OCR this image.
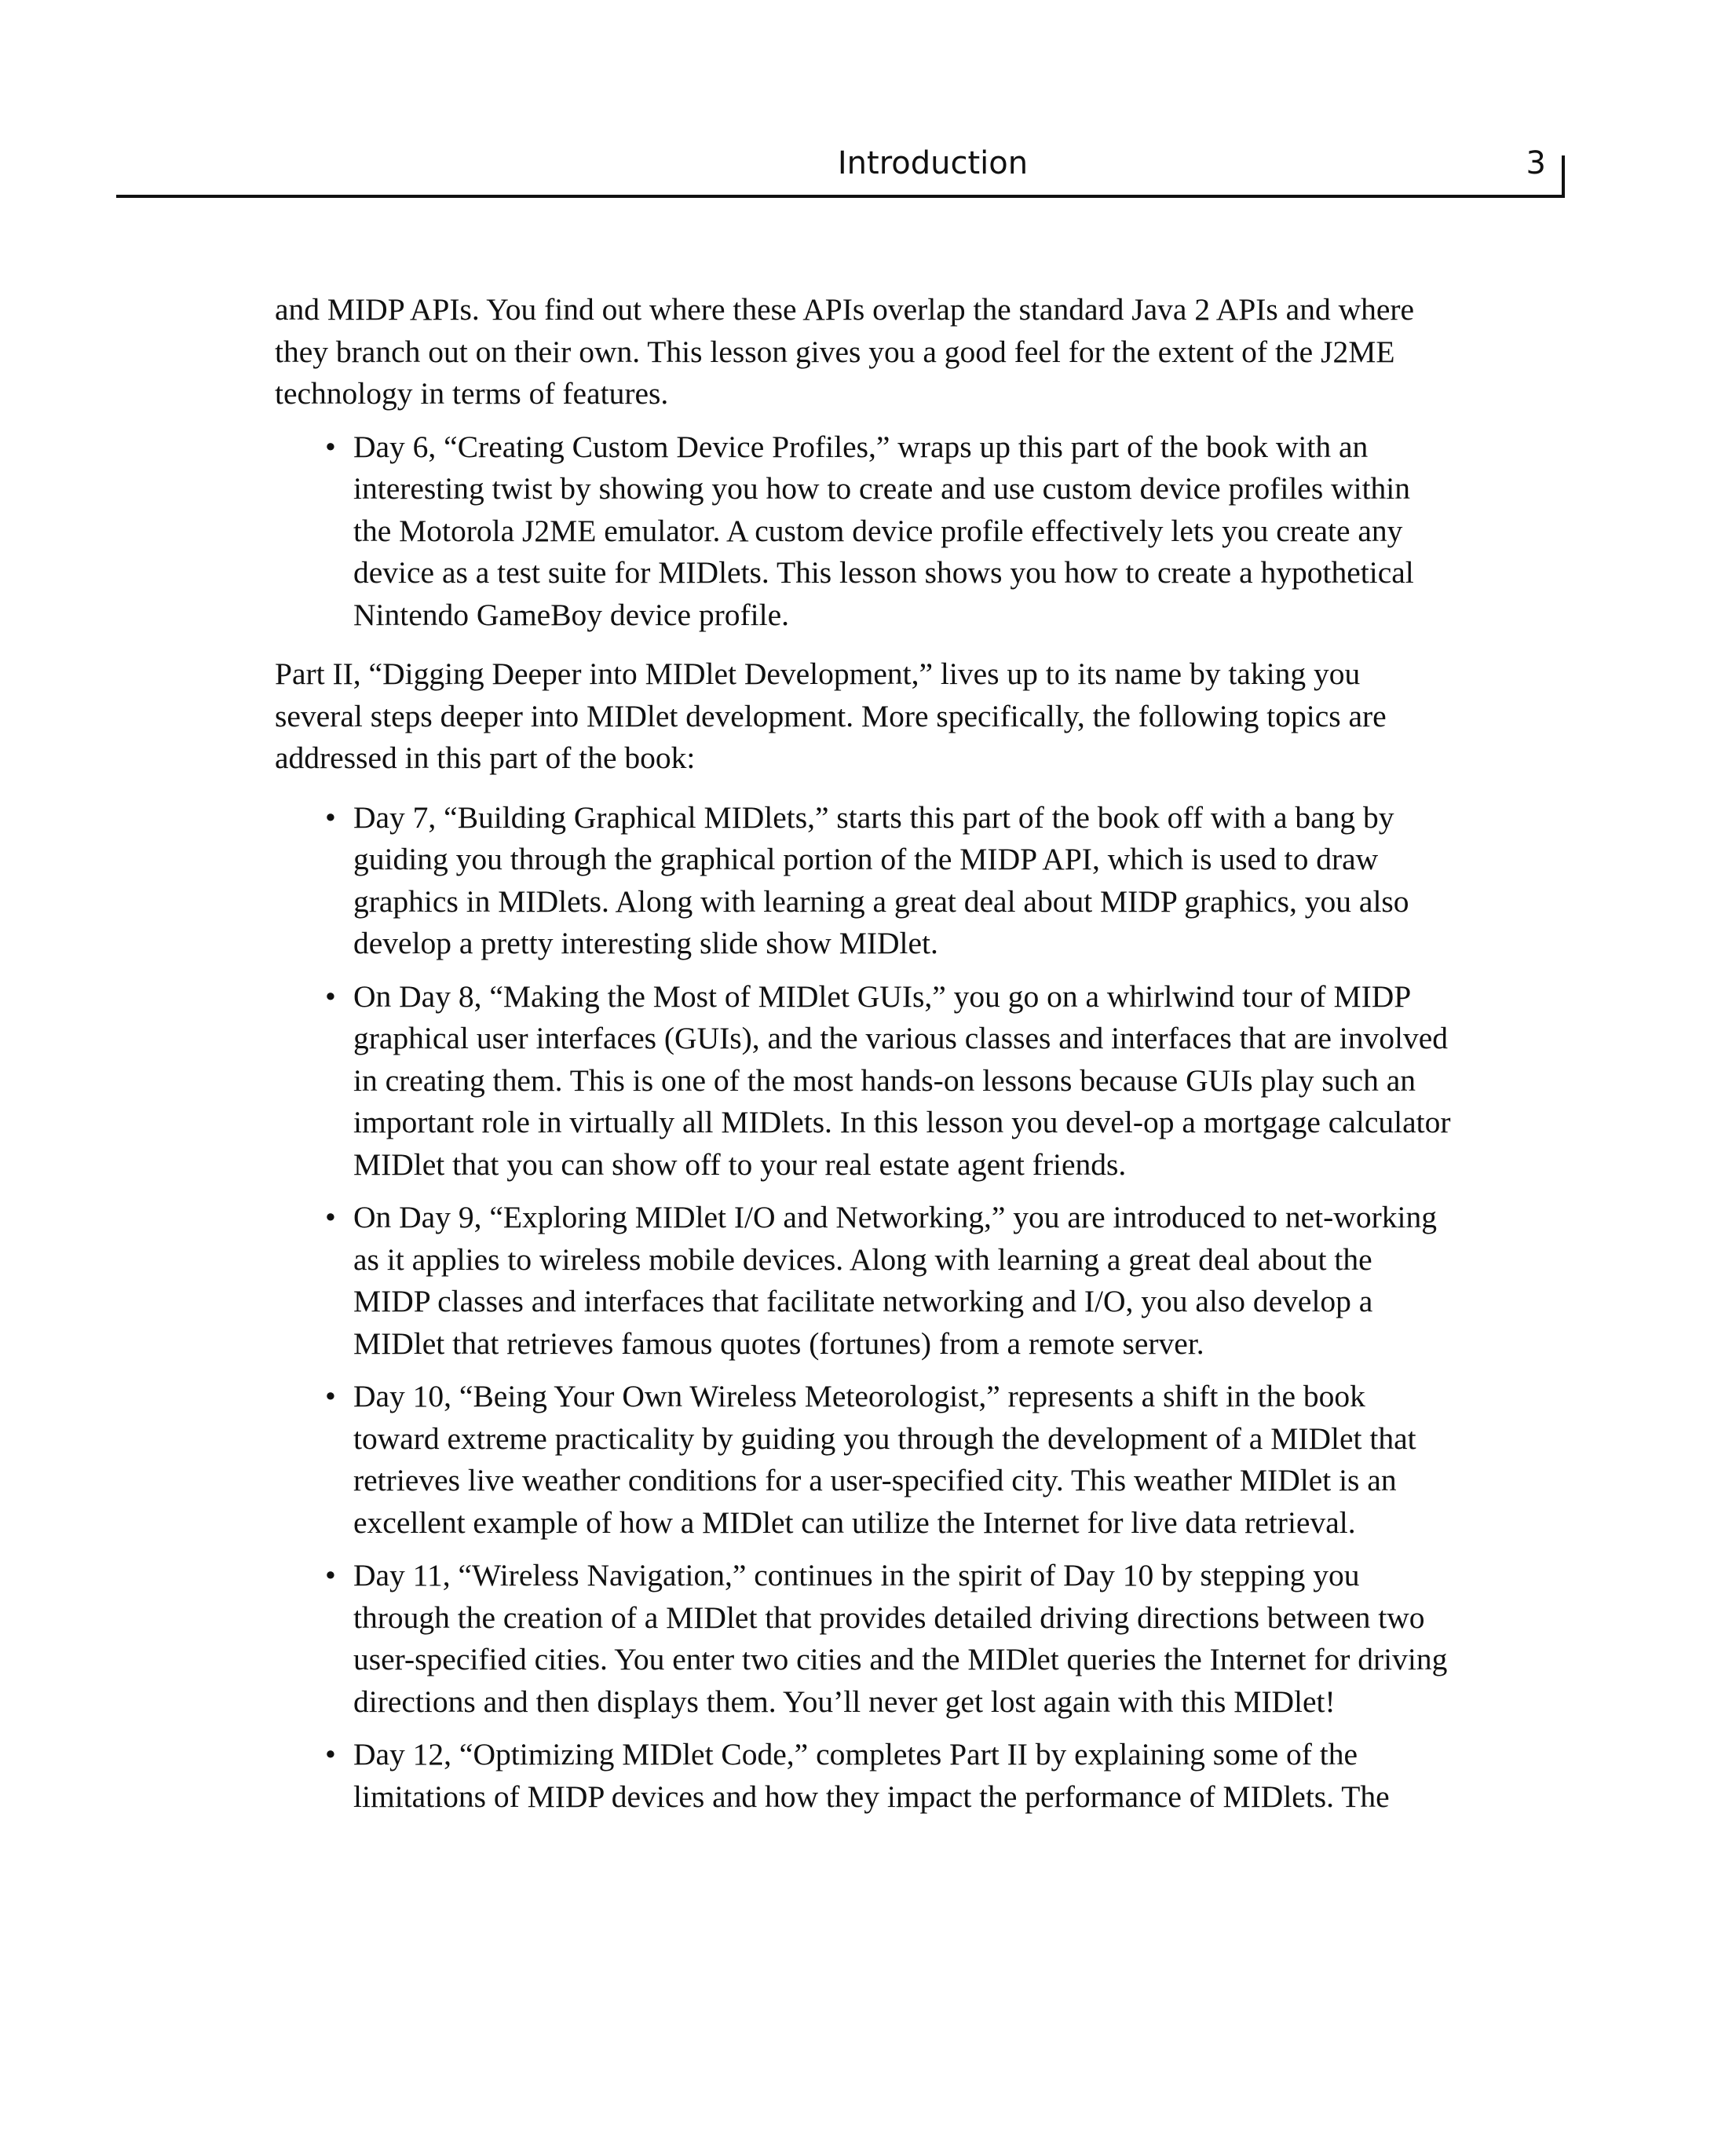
Introduction	3

and MIDP APIs. You find out where these APIs overlap the standard Java 2 APIs and where they branch out on their own. This lesson gives you a good feel for the extent of the J2ME technology in terms of features.

• Day 6, “Creating Custom Device Profiles,” wraps up this part of the book with an interesting twist by showing you how to create and use custom device profiles within the Motorola J2ME emulator. A custom device profile effectively lets you create any device as a test suite for MIDlets. This lesson shows you how to create a hypothetical Nintendo GameBoy device profile.

Part II, “Digging Deeper into MIDlet Development,” lives up to its name by taking you several steps deeper into MIDlet development. More specifically, the following topics are addressed in this part of the book:

• Day 7, “Building Graphical MIDlets,” starts this part of the book off with a bang by guiding you through the graphical portion of the MIDP API, which is used to draw graphics in MIDlets. Along with learning a great deal about MIDP graphics, you also develop a pretty interesting slide show MIDlet.
• On Day 8, “Making the Most of MIDlet GUIs,” you go on a whirlwind tour of MIDP graphical user interfaces (GUIs), and the various classes and interfaces that are involved in creating them. This is one of the most hands-on lessons because GUIs play such an important role in virtually all MIDlets. In this lesson you devel-op a mortgage calculator MIDlet that you can show off to your real estate agent friends.
• On Day 9, “Exploring MIDlet I/O and Networking,” you are introduced to net-working as it applies to wireless mobile devices. Along with learning a great deal about the MIDP classes and interfaces that facilitate networking and I/O, you also develop a MIDlet that retrieves famous quotes (fortunes) from a remote server.
• Day 10, “Being Your Own Wireless Meteorologist,” represents a shift in the book toward extreme practicality by guiding you through the development of a MIDlet that retrieves live weather conditions for a user-specified city. This weather MIDlet is an excellent example of how a MIDlet can utilize the Internet for live data retrieval.
• Day 11, “Wireless Navigation,” continues in the spirit of Day 10 by stepping you through the creation of a MIDlet that provides detailed driving directions between two user-specified cities. You enter two cities and the MIDlet queries the Internet for driving directions and then displays them. You’ll never get lost again with this MIDlet!
• Day 12, “Optimizing MIDlet Code,” completes Part II by explaining some of the limitations of MIDP devices and how they impact the performance of MIDlets. The
